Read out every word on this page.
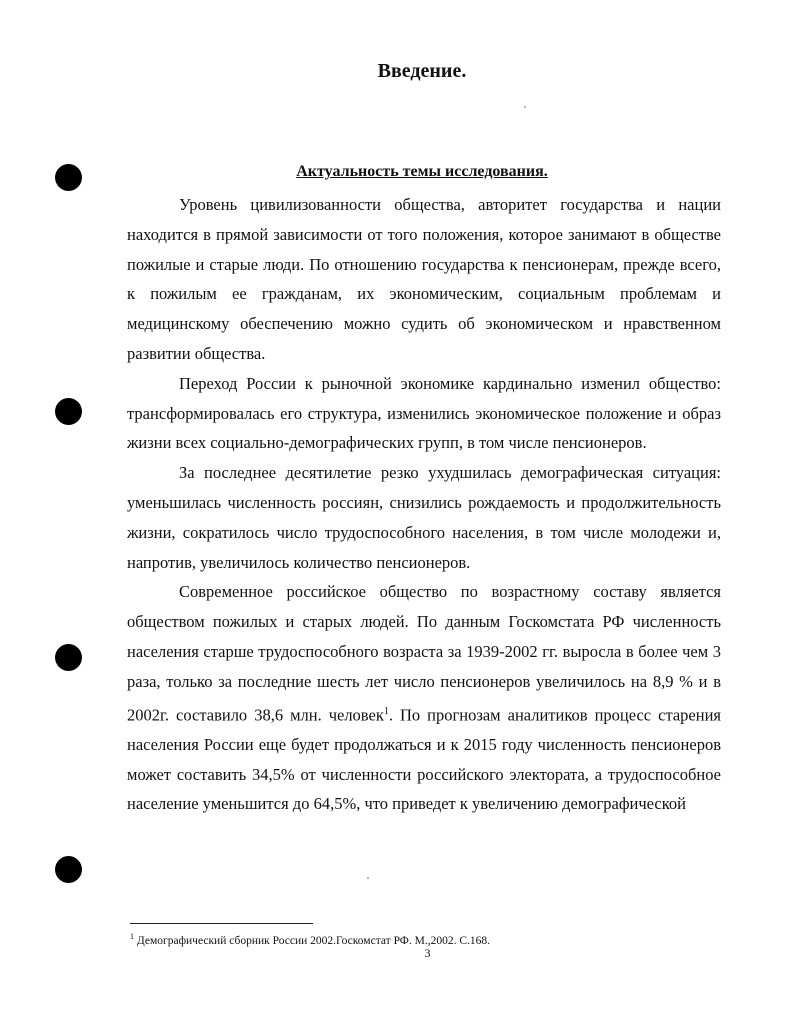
Введение.
Актуальность темы исследования.

Уровень цивилизованности общества, авторитет государства и нации находится в прямой зависимости от того положения, которое занимают в обществе пожилые и старые люди. По отношению государства к пенсионерам, прежде всего, к пожилым ее гражданам, их экономическим, социальным проблемам и медицинскому обеспечению можно судить об экономическом и нравственном развитии общества.

Переход России к рыночной экономике кардинально изменил общество: трансформировалась его структура, изменились экономическое положение и образ жизни всех социально-демографических групп, в том числе пенсионеров.

За последнее десятилетие резко ухудшилась демографическая ситуация: уменьшилась численность россиян, снизились рождаемость и продолжительность жизни, сократилось число трудоспособного населения, в том числе молодежи и, напротив, увеличилось количество пенсионеров.

Современное российское общество по возрастному составу является обществом пожилых и старых людей. По данным Госкомстата РФ численность населения старше трудоспособного возраста за 1939-2002 гг. выросла в более чем 3 раза, только за последние шесть лет число пенсионеров увеличилось на 8,9 % и в 2002г. составило 38,6 млн. человек$^1$. По прогнозам аналитиков процесс старения населения России еще будет продолжаться и к 2015 году численность пенсионеров может составить 34,5% от численности российского электората, а трудоспособное население уменьшится до 64,5%, что приведет к увеличению демографической

$^1$ Демографический сборник России 2002.Госкомстат РФ. М.,2002. С.168.
3
